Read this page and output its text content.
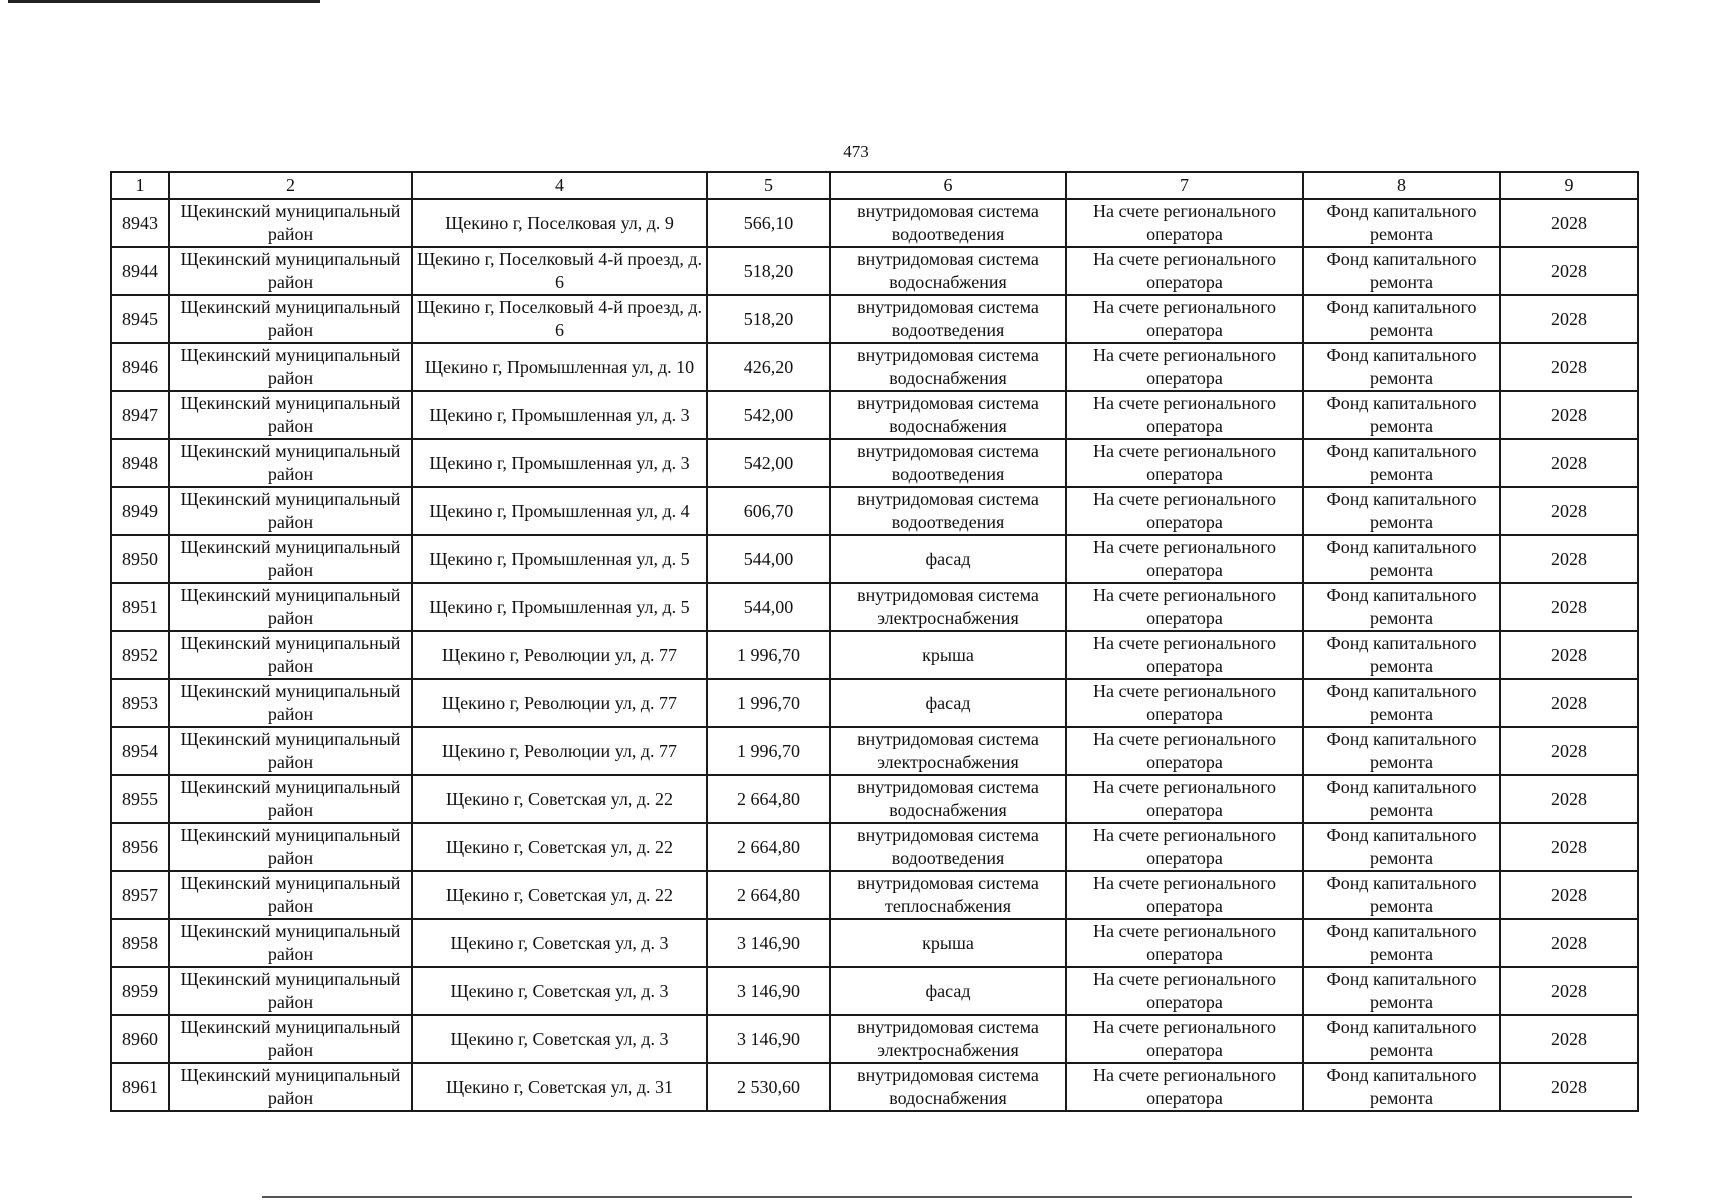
473
1	2	4	5	6	7	8	9
8943	Щекинский муниципальный район	Щекино г, Поселковая ул, д. 9	566,10	внутридомовая система водоотведения	На счете регионального оператора	Фонд капитального ремонта	2028
8944	Щекинский муниципальный район	Щекино г, Поселковый 4-й проезд, д. 6	518,20	внутридомовая система водоснабжения	На счете регионального оператора	Фонд капитального ремонта	2028
8945	Щекинский муниципальный район	Щекино г, Поселковый 4-й проезд, д. 6	518,20	внутридомовая система водоотведения	На счете регионального оператора	Фонд капитального ремонта	2028
8946	Щекинский муниципальный район	Щекино г, Промышленная ул, д. 10	426,20	внутридомовая система водоснабжения	На счете регионального оператора	Фонд капитального ремонта	2028
8947	Щекинский муниципальный район	Щекино г, Промышленная ул, д. 3	542,00	внутридомовая система водоснабжения	На счете регионального оператора	Фонд капитального ремонта	2028
8948	Щекинский муниципальный район	Щекино г, Промышленная ул, д. 3	542,00	внутридомовая система водоотведения	На счете регионального оператора	Фонд капитального ремонта	2028
8949	Щекинский муниципальный район	Щекино г, Промышленная ул, д. 4	606,70	внутридомовая система водоотведения	На счете регионального оператора	Фонд капитального ремонта	2028
8950	Щекинский муниципальный район	Щекино г, Промышленная ул, д. 5	544,00	фасад	На счете регионального оператора	Фонд капитального ремонта	2028
8951	Щекинский муниципальный район	Щекино г, Промышленная ул, д. 5	544,00	внутридомовая система электроснабжения	На счете регионального оператора	Фонд капитального ремонта	2028
8952	Щекинский муниципальный район	Щекино г, Революции ул, д. 77	1 996,70	крыша	На счете регионального оператора	Фонд капитального ремонта	2028
8953	Щекинский муниципальный район	Щекино г, Революции ул, д. 77	1 996,70	фасад	На счете регионального оператора	Фонд капитального ремонта	2028
8954	Щекинский муниципальный район	Щекино г, Революции ул, д. 77	1 996,70	внутридомовая система электроснабжения	На счете регионального оператора	Фонд капитального ремонта	2028
8955	Щекинский муниципальный район	Щекино г, Советская ул, д. 22	2 664,80	внутридомовая система водоснабжения	На счете регионального оператора	Фонд капитального ремонта	2028
8956	Щекинский муниципальный район	Щекино г, Советская ул, д. 22	2 664,80	внутридомовая система водоотведения	На счете регионального оператора	Фонд капитального ремонта	2028
8957	Щекинский муниципальный район	Щекино г, Советская ул, д. 22	2 664,80	внутридомовая система теплоснабжения	На счете регионального оператора	Фонд капитального ремонта	2028
8958	Щекинский муниципальный район	Щекино г, Советская ул, д. 3	3 146,90	крыша	На счете регионального оператора	Фонд капитального ремонта	2028
8959	Щекинский муниципальный район	Щекино г, Советская ул, д. 3	3 146,90	фасад	На счете регионального оператора	Фонд капитального ремонта	2028
8960	Щекинский муниципальный район	Щекино г, Советская ул, д. 3	3 146,90	внутридомовая система электроснабжения	На счете регионального оператора	Фонд капитального ремонта	2028
8961	Щекинский муниципальный район	Щекино г, Советская ул, д. 31	2 530,60	внутридомовая система водоснабжения	На счете регионального оператора	Фонд капитального ремонта	2028
